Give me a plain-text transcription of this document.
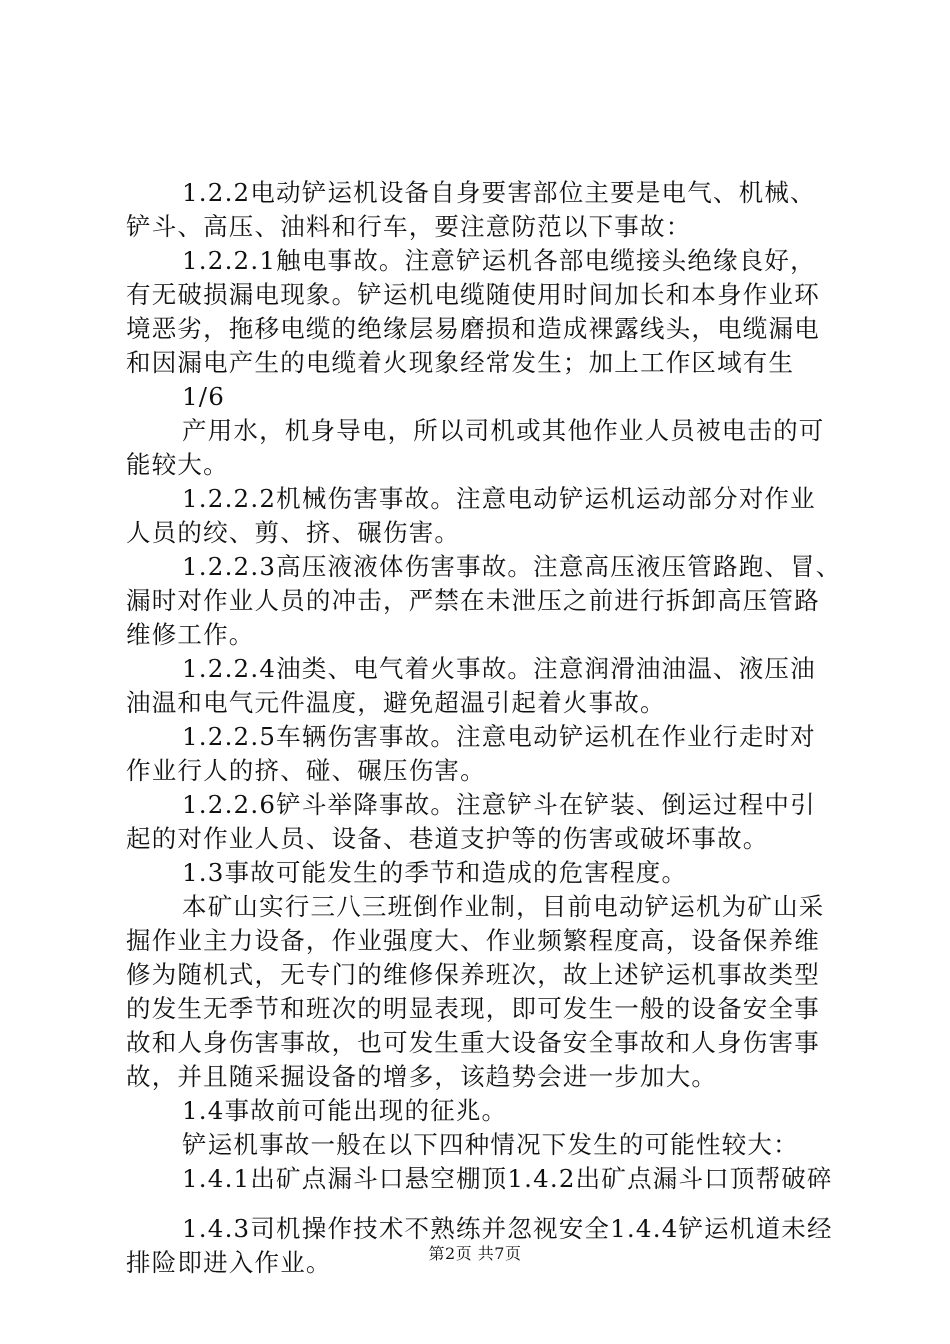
1.2.2电动铲运机设备自身要害部位主要是电气、机械、
铲斗、高压、油料和行车，要注意防范以下事故：
1.2.2.1触电事故。注意铲运机各部电缆接头绝缘良好，
有无破损漏电现象。铲运机电缆随使用时间加长和本身作业环
境恶劣，拖移电缆的绝缘层易磨损和造成裸露线头，电缆漏电
和因漏电产生的电缆着火现象经常发生；加上工作区域有生
1/6
产用水，机身导电，所以司机或其他作业人员被电击的可
能较大。
1.2.2.2机械伤害事故。注意电动铲运机运动部分对作业
人员的绞、剪、挤、碾伤害。
1.2.2.3高压液液体伤害事故。注意高压液压管路跑、冒、
漏时对作业人员的冲击，严禁在未泄压之前进行拆卸高压管路
维修工作。
1.2.2.4油类、电气着火事故。注意润滑油油温、液压油
油温和电气元件温度，避免超温引起着火事故。
1.2.2.5车辆伤害事故。注意电动铲运机在作业行走时对
作业行人的挤、碰、碾压伤害。
1.2.2.6铲斗举降事故。注意铲斗在铲装、倒运过程中引
起的对作业人员、设备、巷道支护等的伤害或破坏事故。
1.3事故可能发生的季节和造成的危害程度。
本矿山实行三八三班倒作业制，目前电动铲运机为矿山采
掘作业主力设备，作业强度大、作业频繁程度高，设备保养维
修为随机式，无专门的维修保养班次，故上述铲运机事故类型
的发生无季节和班次的明显表现，即可发生一般的设备安全事
故和人身伤害事故，也可发生重大设备安全事故和人身伤害事
故，并且随采掘设备的增多，该趋势会进一步加大。
1.4事故前可能出现的征兆。
铲运机事故一般在以下四种情况下发生的可能性较大：
1.4.1出矿点漏斗口悬空棚顶1.4.2出矿点漏斗口顶帮破碎
1.4.3司机操作技术不熟练并忽视安全1.4.4铲运机道未经
排险即进入作业。	第2页 共7页
